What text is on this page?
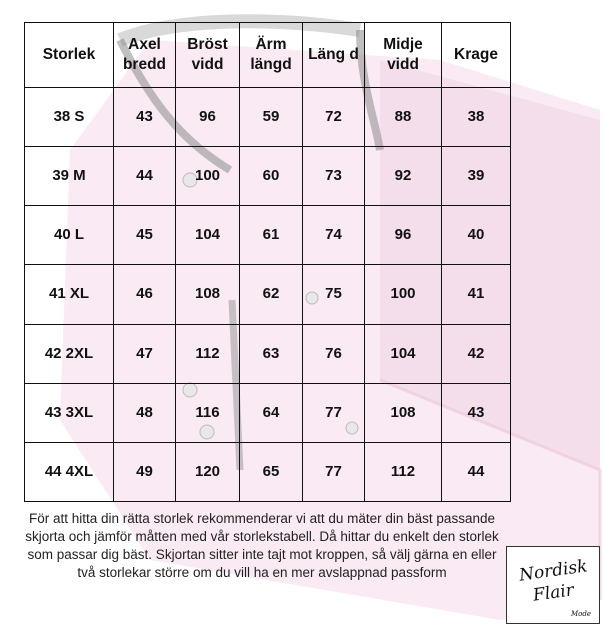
Storlek	Axel bredd	Bröst vidd	Ärm längd	Läng d	Midje vidd	Krage
38 S	43	96	59	72	88	38
39 M	44	100	60	73	92	39
40 L	45	104	61	74	96	40
41 XL	46	108	62	75	100	41
42 2XL	47	112	63	76	104	42
43 3XL	48	116	64	77	108	43
44 4XL	49	120	65	77	112	44
För att hitta din rätta storlek rekommenderar vi att du mäter din bäst passande skjorta och jämför måtten med vår storlekstabell. Då hittar du enkelt den storlek som passar dig bäst. Skjortan sitter inte tajt mot kroppen, så välj gärna en eller två storlekar större om du vill ha en mer avslappnad passform	Nordisk
Flair
Mode
